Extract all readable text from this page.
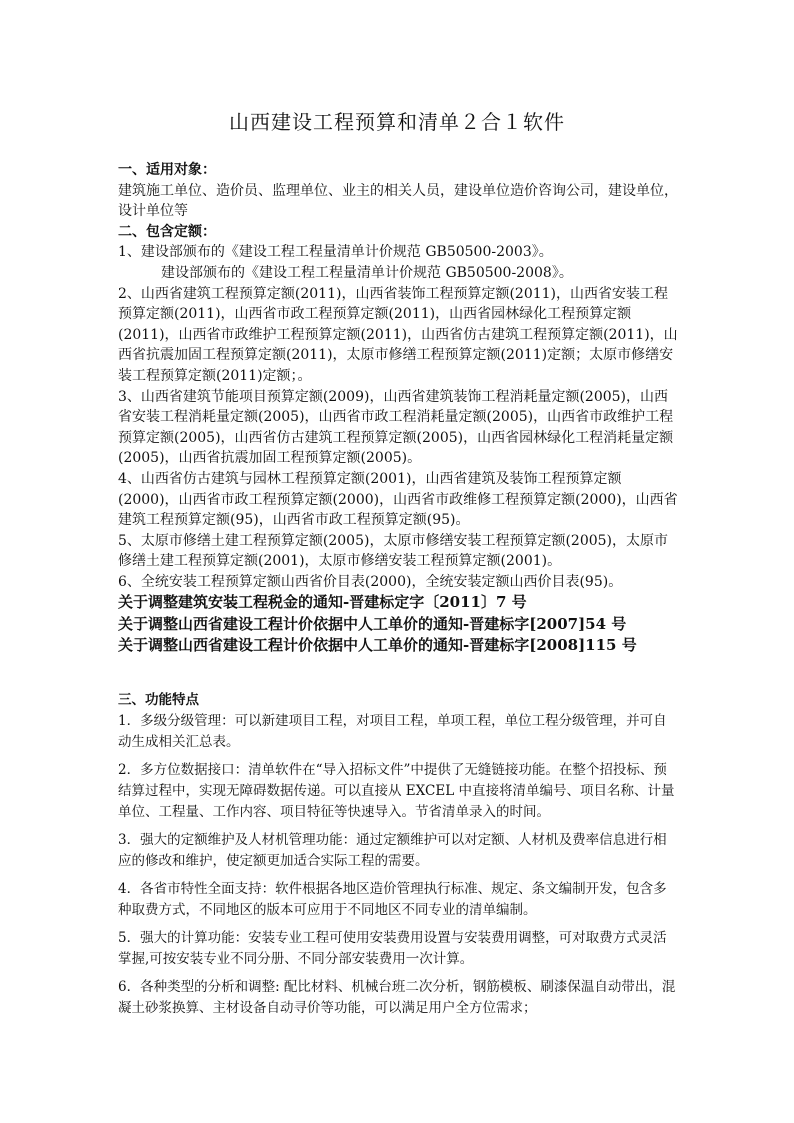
山西建设工程预算和清单２合１软件

一、适用对象：

建筑施工单位、造价员、监理单位、业主的相关人员，建设单位造价咨询公司，建设单位，设计单位等

二、包含定额：

1、建设部颁布的《建设工程工程量清单计价规范 GB50500-2003》。

建设部颁布的《建设工程工程量清单计价规范 GB50500-2008》。

2、山西省建筑工程预算定额(2011)，山西省装饰工程预算定额(2011)，山西省安装工程预算定额(2011)，山西省市政工程预算定额(2011)，山西省园林绿化工程预算定额(2011)，山西省市政维护工程预算定额(2011)，山西省仿古建筑工程预算定额(2011)，山西省抗震加固工程预算定额(2011)，太原市修缮工程预算定额(2011)定额；太原市修缮安装工程预算定额(2011)定额；。

3、山西省建筑节能项目预算定额(2009)，山西省建筑装饰工程消耗量定额(2005)，山西省安装工程消耗量定额(2005)，山西省市政工程消耗量定额(2005)，山西省市政维护工程预算定额(2005)，山西省仿古建筑工程预算定额(2005)，山西省园林绿化工程消耗量定额(2005)，山西省抗震加固工程预算定额(2005)。

4、山西省仿古建筑与园林工程预算定额(2001)，山西省建筑及装饰工程预算定额(2000)，山西省市政工程预算定额(2000)，山西省市政维修工程预算定额(2000)，山西省建筑工程预算定额(95)，山西省市政工程预算定额(95)。

5、太原市修缮土建工程预算定额(2005)，太原市修缮安装工程预算定额(2005)，太原市修缮土建工程预算定额(2001)，太原市修缮安装工程预算定额(2001)。

6、全统安装工程预算定额山西省价目表(2000)，全统安装定额山西价目表(95)。

关于调整建筑安装工程税金的通知-晋建标定字〔2011〕7 号

关于调整山西省建设工程计价依据中人工单价的通知-晋建标字[2007]54 号

关于调整山西省建设工程计价依据中人工单价的通知-晋建标字[2008]115 号

三、功能特点

1．多级分级管理：可以新建项目工程，对项目工程，单项工程，单位工程分级管理，并可自动生成相关汇总表。

2．多方位数据接口：清单软件在“导入招标文件”中提供了无缝链接功能。在整个招投标、预结算过程中，实现无障碍数据传递。可以直接从 EXCEL 中直接将清单编号、项目名称、计量单位、工程量、工作内容、项目特征等快速导入。节省清单录入的时间。

3．强大的定额维护及人材机管理功能：通过定额维护可以对定额、人材机及费率信息进行相应的修改和维护，使定额更加适合实际工程的需要。

4．各省市特性全面支持：软件根据各地区造价管理执行标准、规定、条文编制开发，包含多种取费方式，不同地区的版本可应用于不同地区不同专业的清单编制。

5．强大的计算功能：安装专业工程可使用安装费用设置与安装费用调整，可对取费方式灵活掌握,可按安装专业不同分册、不同分部安装费用一次计算。

6．各种类型的分析和调整: 配比材料、机械台班二次分析，钢筋模板、刷漆保温自动带出，混凝土砂浆换算、主材设备自动寻价等功能，可以满足用户全方位需求；
